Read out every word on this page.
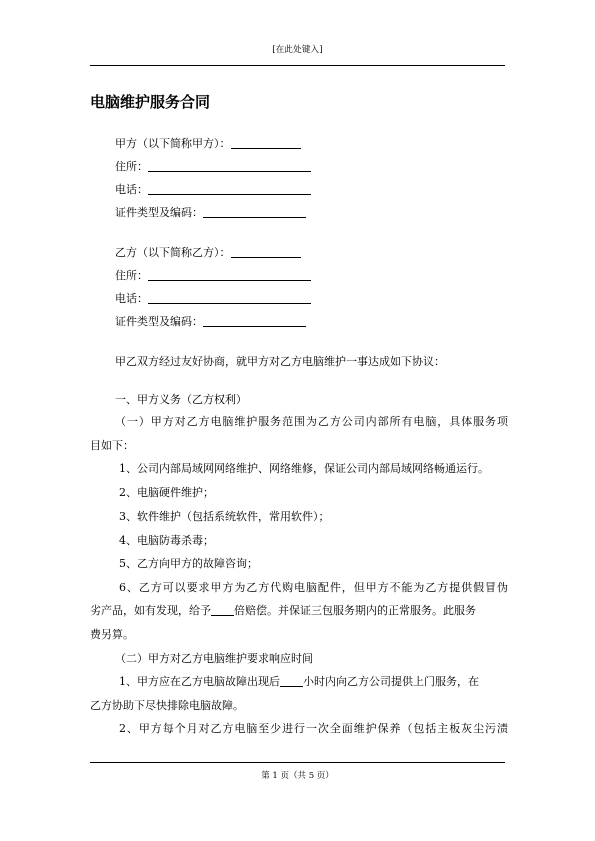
[在此处键入]
电脑维护服务合同
甲方（以下简称甲方）：
住所：
电话：
证件类型及编码：
乙方（以下简称乙方）：
住所：
电话：
证件类型及编码：
甲乙双方经过友好协商，就甲方对乙方电脑维护一事达成如下协议：
一、甲方义务（乙方权利）
（一）甲方对乙方电脑维护服务范围为乙方公司内部所有电脑，具体服务项
目如下：
1、公司内部局域网网络维护、网络维修，保证公司内部局域网络畅通运行。
2、电脑硬件维护；
3、软件维护（包括系统软件，常用软件）；
4、电脑防毒杀毒；
5、乙方向甲方的故障咨询；
6、乙方可以要求甲方为乙方代购电脑配件，但甲方不能为乙方提供假冒伪
劣产品，如有发现，给予 倍赔偿。并保证三包服务期内的正常服务。此服务
费另算。
（二）甲方对乙方电脑维护要求响应时间
1、甲方应在乙方电脑故障出现后 小时内向乙方公司提供上门服务，在
乙方协助下尽快排除电脑故障。
2、甲方每个月对乙方电脑至少进行一次全面维护保养（包括主板灰尘污渍
第 1 页（共 5 页）
